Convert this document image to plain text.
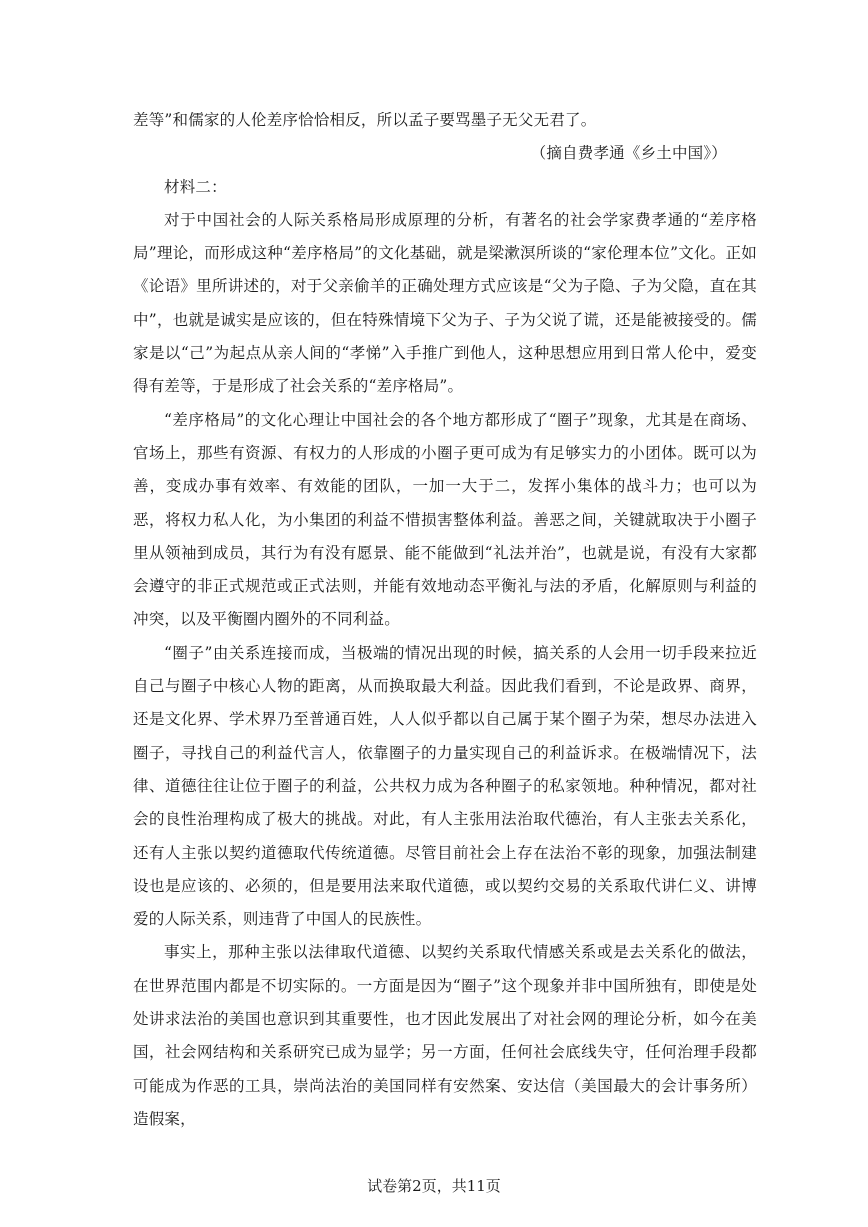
差等”和儒家的人伦差序恰恰相反，所以孟子要骂墨子无父无君了。

（摘自费孝通《乡土中国》）

材料二：

对于中国社会的人际关系格局形成原理的分析，有著名的社会学家费孝通的“差序格局”理论，而形成这种“差序格局”的文化基础，就是梁漱溟所谈的“家伦理本位”文化。正如《论语》里所讲述的，对于父亲偷羊的正确处理方式应该是“父为子隐、子为父隐，直在其中”，也就是诚实是应该的，但在特殊情境下父为子、子为父说了谎，还是能被接受的。儒家是以“己”为起点从亲人间的“孝悌”入手推广到他人，这种思想应用到日常人伦中，爱变得有差等，于是形成了社会关系的“差序格局”。

“差序格局”的文化心理让中国社会的各个地方都形成了“圈子”现象，尤其是在商场、官场上，那些有资源、有权力的人形成的小圈子更可成为有足够实力的小团体。既可以为善，变成办事有效率、有效能的团队，一加一大于二，发挥小集体的战斗力；也可以为恶，将权力私人化，为小集团的利益不惜损害整体利益。善恶之间，关键就取决于小圈子里从领袖到成员，其行为有没有愿景、能不能做到“礼法并治”，也就是说，有没有大家都会遵守的非正式规范或正式法则，并能有效地动态平衡礼与法的矛盾，化解原则与利益的冲突，以及平衡圈内圈外的不同利益。

“圈子”由关系连接而成，当极端的情况出现的时候，搞关系的人会用一切手段来拉近自己与圈子中核心人物的距离，从而换取最大利益。因此我们看到，不论是政界、商界，还是文化界、学术界乃至普通百姓，人人似乎都以自己属于某个圈子为荣，想尽办法进入圈子，寻找自己的利益代言人，依靠圈子的力量实现自己的利益诉求。在极端情况下，法律、道德往往让位于圈子的利益，公共权力成为各种圈子的私家领地。种种情况，都对社会的良性治理构成了极大的挑战。对此，有人主张用法治取代德治，有人主张去关系化，还有人主张以契约道德取代传统道德。尽管目前社会上存在法治不彰的现象，加强法制建设也是应该的、必须的，但是要用法来取代道德，或以契约交易的关系取代讲仁义、讲博爱的人际关系，则违背了中国人的民族性。

事实上，那种主张以法律取代道德、以契约关系取代情感关系或是去关系化的做法，在世界范围内都是不切实际的。一方面是因为“圈子”这个现象并非中国所独有，即使是处处讲求法治的美国也意识到其重要性，也才因此发展出了对社会网的理论分析，如今在美国，社会网结构和关系研究已成为显学；另一方面，任何社会底线失守，任何治理手段都可能成为作恶的工具，崇尚法治的美国同样有安然案、安达信（美国最大的会计事务所）造假案，

试卷第2页，共11页
